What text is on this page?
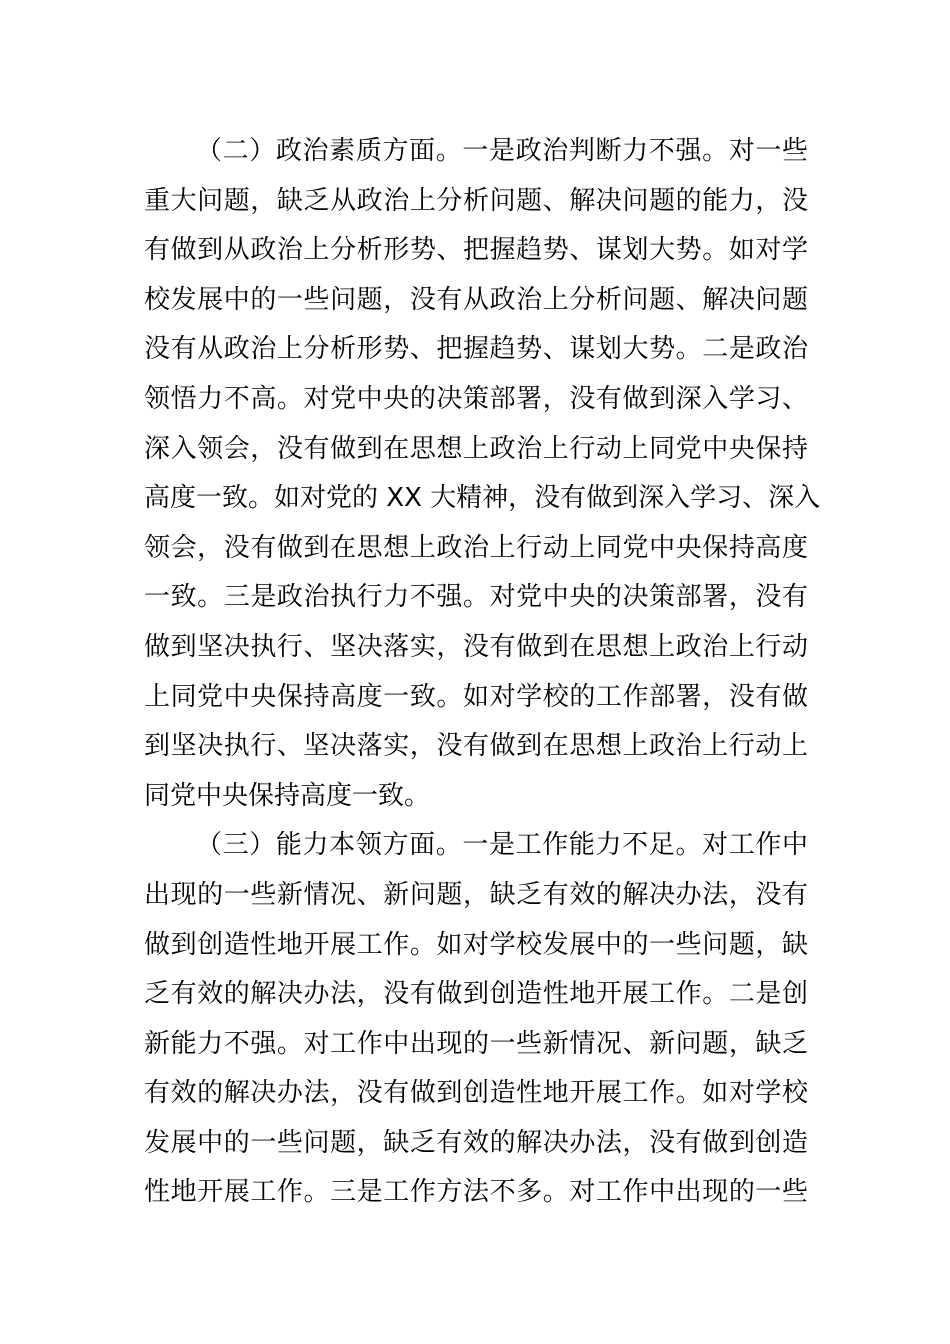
（二）政治素质方面。一是政治判断力不强。对一些
重大问题，缺乏从政治上分析问题、解决问题的能力，没
有做到从政治上分析形势、把握趋势、谋划大势。如对学
校发展中的一些问题，没有从政治上分析问题、解决问题
没有从政治上分析形势、把握趋势、谋划大势。二是政治
领悟力不高。对党中央的决策部署，没有做到深入学习、
深入领会，没有做到在思想上政治上行动上同党中央保持
高度一致。如对党的 XX 大精神，没有做到深入学习、深入
领会，没有做到在思想上政治上行动上同党中央保持高度
一致。三是政治执行力不强。对党中央的决策部署，没有
做到坚决执行、坚决落实，没有做到在思想上政治上行动
上同党中央保持高度一致。如对学校的工作部署，没有做
到坚决执行、坚决落实，没有做到在思想上政治上行动上
同党中央保持高度一致。
（三）能力本领方面。一是工作能力不足。对工作中
出现的一些新情况、新问题，缺乏有效的解决办法，没有
做到创造性地开展工作。如对学校发展中的一些问题，缺
乏有效的解决办法，没有做到创造性地开展工作。二是创
新能力不强。对工作中出现的一些新情况、新问题，缺乏
有效的解决办法，没有做到创造性地开展工作。如对学校
发展中的一些问题，缺乏有效的解决办法，没有做到创造
性地开展工作。三是工作方法不多。对工作中出现的一些
